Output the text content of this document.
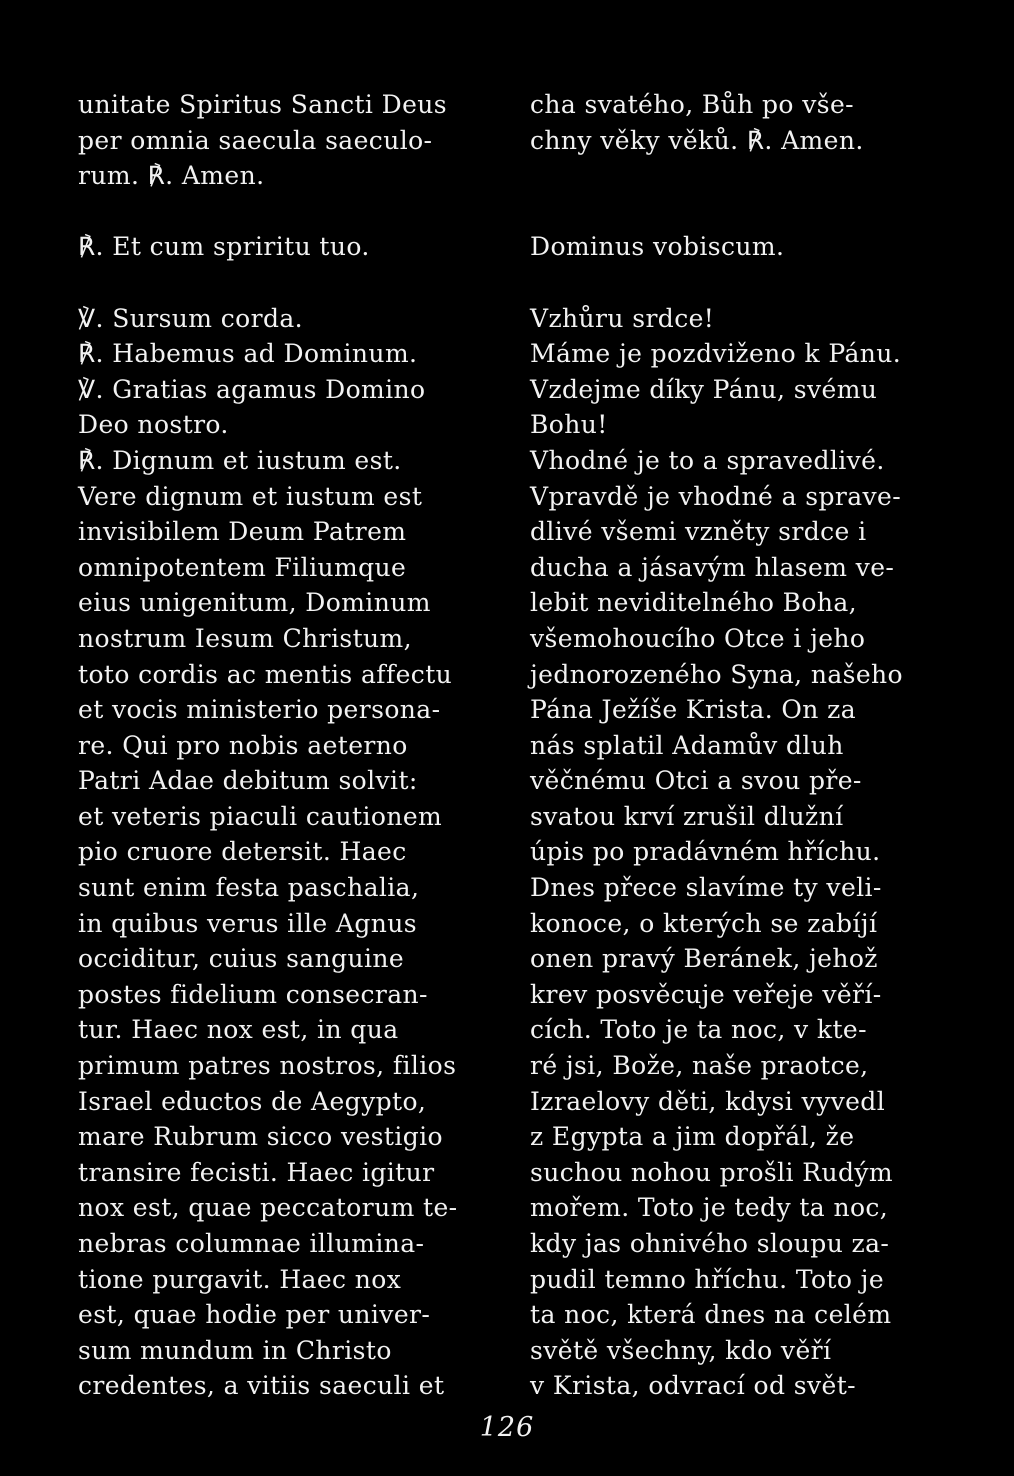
unitate Spiritus Sancti Deus
per omnia saecula saeculo-
rum. ℟. Amen.
℟. Et cum spriritu tuo.
℣. Sursum corda.
℟. Habemus ad Dominum.
℣. Gratias agamus Domino
Deo nostro.
℟. Dignum et iustum est.
Vere dignum et iustum est
invisibilem Deum Patrem
omnipotentem Filiumque
eius unigenitum, Dominum
nostrum Iesum Christum,
toto cordis ac mentis affectu
et vocis ministerio persona-
re. Qui pro nobis aeterno
Patri Adae debitum solvit:
et veteris piaculi cautionem
pio cruore detersit. Haec
sunt enim festa paschalia,
in quibus verus ille Agnus
occiditur, cuius sanguine
postes fidelium consecran-
tur. Haec nox est, in qua
primum patres nostros, filios
Israel eductos de Aegypto,
mare Rubrum sicco vestigio
transire fecisti. Haec igitur
nox est, quae peccatorum te-
nebras columnae illumina-
tione purgavit. Haec nox
est, quae hodie per univer-
sum mundum in Christo
credentes, a vitiis saeculi et
cha svatého, Bůh po vše-
chny věky věků. ℟. Amen.
Dominus vobiscum.
Vzhůru srdce!
Máme je pozdviženo k Pánu.
Vzdejme díky Pánu, svému
Bohu!
Vhodné je to a spravedlivé.
Vpravdě je vhodné a sprave-
dlivé všemi vzněty srdce i
ducha a jásavým hlasem ve-
lebit neviditelného Boha,
všemohoucího Otce i jeho
jednorozeného Syna, našeho
Pána Ježíše Krista. On za
nás splatil Adamův dluh
věčnému Otci a svou pře-
svatou krví zrušil dlužní
úpis po pradávném hříchu.
Dnes přece slavíme ty veli-
konoce, o kterých se zabíjí
onen pravý Beránek, jehož
krev posvěcuje veřeje věří-
cích. Toto je ta noc, v kte-
ré jsi, Bože, naše praotce,
Izraelovy děti, kdysi vyvedl
z Egypta a jim dopřál, že
suchou nohou prošli Rudým
mořem. Toto je tedy ta noc,
kdy jas ohnivého sloupu za-
pudil temno hříchu. Toto je
ta noc, která dnes na celém
světě všechny, kdo věří
v Krista, odvrací od svět-
126
